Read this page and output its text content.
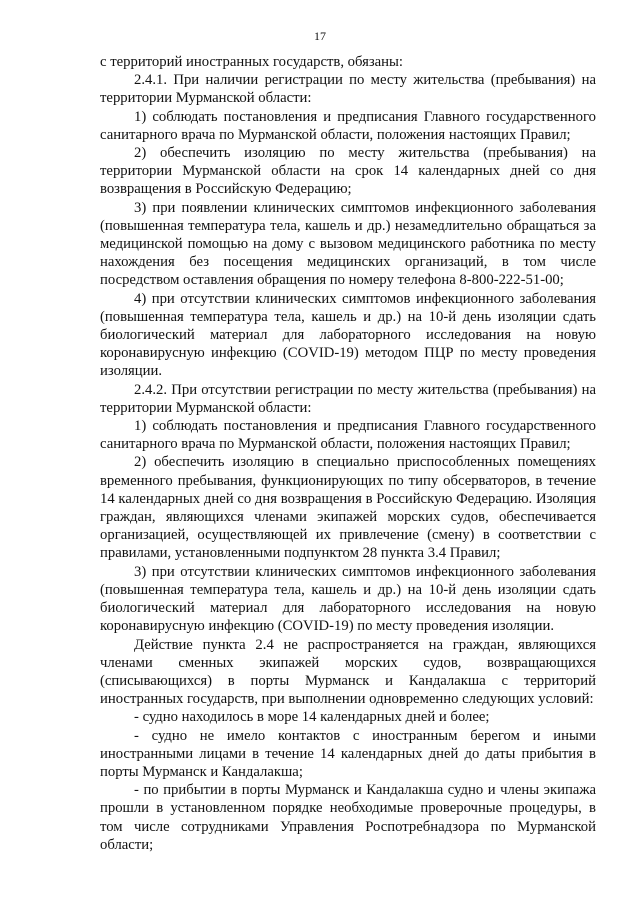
17

с территорий иностранных государств, обязаны:

2.4.1. При наличии регистрации по месту жительства (пребывания) на территории Мурманской области:

1) соблюдать постановления и предписания Главного государственного санитарного врача по Мурманской области, положения настоящих Правил;

2) обеспечить изоляцию по месту жительства (пребывания) на территории Мурманской области на срок 14 календарных дней со дня возвращения в Российскую Федерацию;

3) при появлении клинических симптомов инфекционного заболевания (повышенная температура тела, кашель и др.) незамедлительно обращаться за медицинской помощью на дому с вызовом медицинского работника по месту нахождения без посещения медицинских организаций, в том числе посредством оставления обращения по номеру телефона 8-800-222-51-00;

4) при отсутствии клинических симптомов инфекционного заболевания (повышенная температура тела, кашель и др.) на 10-й день изоляции сдать биологический материал для лабораторного исследования на новую коронавирусную инфекцию (COVID-19) методом ПЦР по месту проведения изоляции.

2.4.2. При отсутствии регистрации по месту жительства (пребывания) на территории Мурманской области:

1) соблюдать постановления и предписания Главного государственного санитарного врача по Мурманской области, положения настоящих Правил;

2) обеспечить изоляцию в специально приспособленных помещениях временного пребывания, функционирующих по типу обсерваторов, в течение 14 календарных дней со дня возвращения в Российскую Федерацию. Изоляция граждан, являющихся членами экипажей морских судов, обеспечивается организацией, осуществляющей их привлечение (смену) в соответствии с правилами, установленными подпунктом 28 пункта 3.4 Правил;

3) при отсутствии клинических симптомов инфекционного заболевания (повышенная температура тела, кашель и др.) на 10-й день изоляции сдать биологический материал для лабораторного исследования на новую коронавирусную инфекцию (COVID-19) по месту проведения изоляции.

Действие пункта 2.4 не распространяется на граждан, являющихся членами сменных экипажей морских судов, возвращающихся (списывающихся) в порты Мурманск и Кандалакша с территорий иностранных государств, при выполнении одновременно следующих условий:

- судно находилось в море 14 календарных дней и более;

- судно не имело контактов с иностранным берегом и иными иностранными лицами в течение 14 календарных дней до даты прибытия в порты Мурманск и Кандалакша;

- по прибытии в порты Мурманск и Кандалакша судно и члены экипажа прошли в установленном порядке необходимые проверочные процедуры, в том числе сотрудниками Управления Роспотребнадзора по Мурманской области;
